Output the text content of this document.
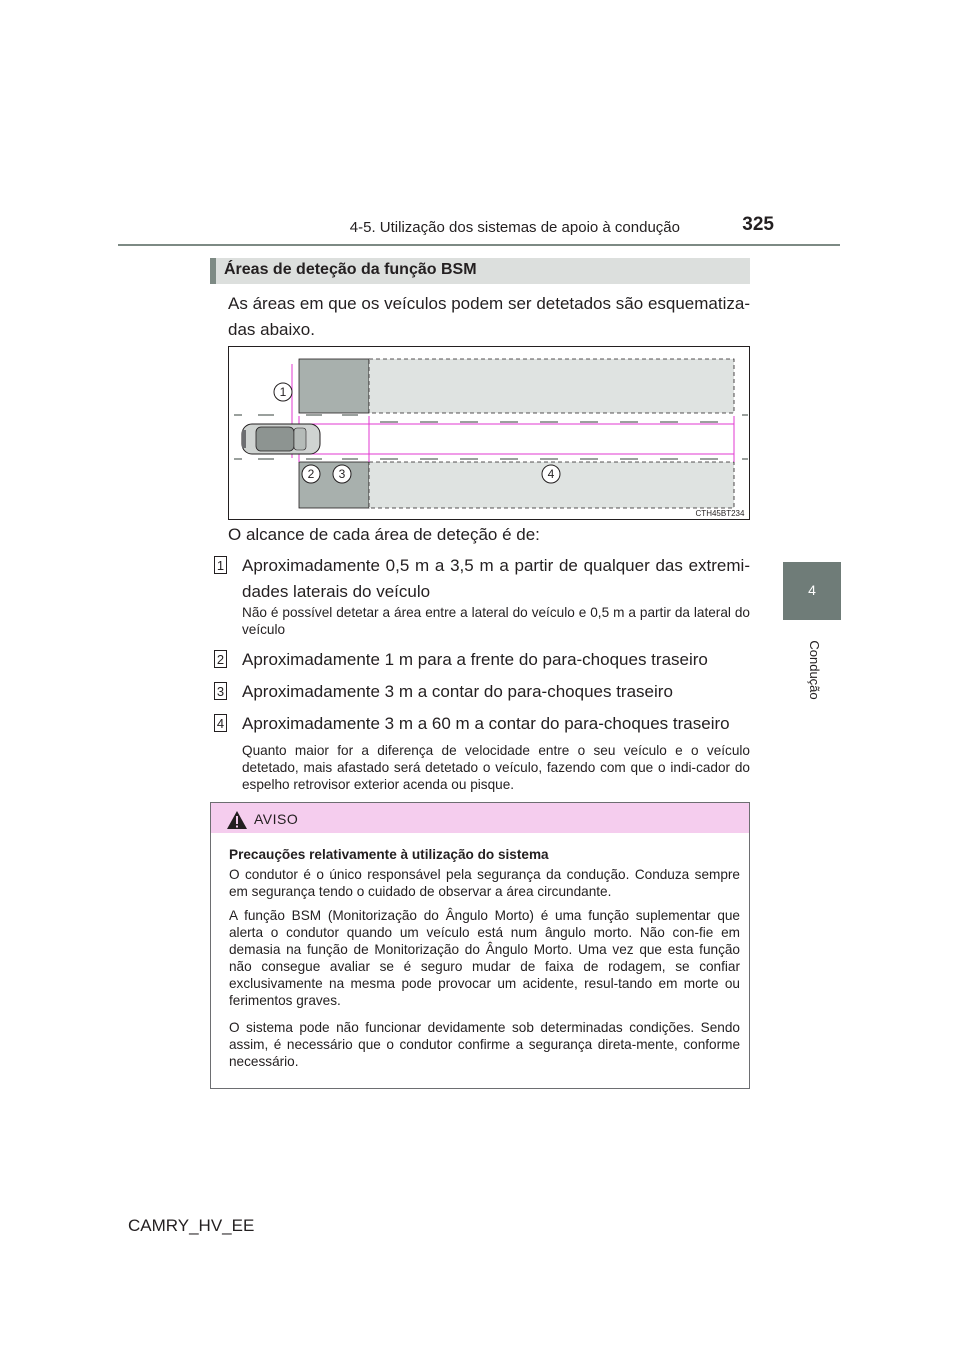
4-5. Utilização dos sistemas de apoio à condução	325
4
Condução
Áreas de deteção da função BSM
As áreas em que os veículos podem ser detetados são esquematiza-das abaixo.
1
2 3	4
CTH45BT234
O alcance de cada área de deteção é de:
1 Aproximadamente 0,5 m a 3,5 m a partir de qualquer das extremi-dades laterais do veículo
Não é possível detetar a área entre a lateral do veículo e 0,5 m a partir da lateral do veículo
2 Aproximadamente 1 m para a frente do para-choques traseiro
3 Aproximadamente 3 m a contar do para-choques traseiro
4 Aproximadamente 3 m a 60 m a contar do para-choques traseiro
Quanto maior for a diferença de velocidade entre o seu veículo e o veículo detetado, mais afastado será detetado o veículo, fazendo com que o indi-cador do espelho retrovisor exterior acenda ou pisque.
AVISO
Precauções relativamente à utilização do sistema
O condutor é o único responsável pela segurança da condução. Conduza sempre em segurança tendo o cuidado de observar a área circundante.
A função BSM (Monitorização do Ângulo Morto) é uma função suplementar que alerta o condutor quando um veículo está num ângulo morto. Não con-fie em demasia na função de Monitorização do Ângulo Morto. Uma vez que esta função não consegue avaliar se é seguro mudar de faixa de rodagem, se confiar exclusivamente na mesma pode provocar um acidente, resul-tando em morte ou ferimentos graves.
O sistema pode não funcionar devidamente sob determinadas condições. Sendo assim, é necessário que o condutor confirme a segurança direta-mente, conforme necessário.
CAMRY_HV_EE
